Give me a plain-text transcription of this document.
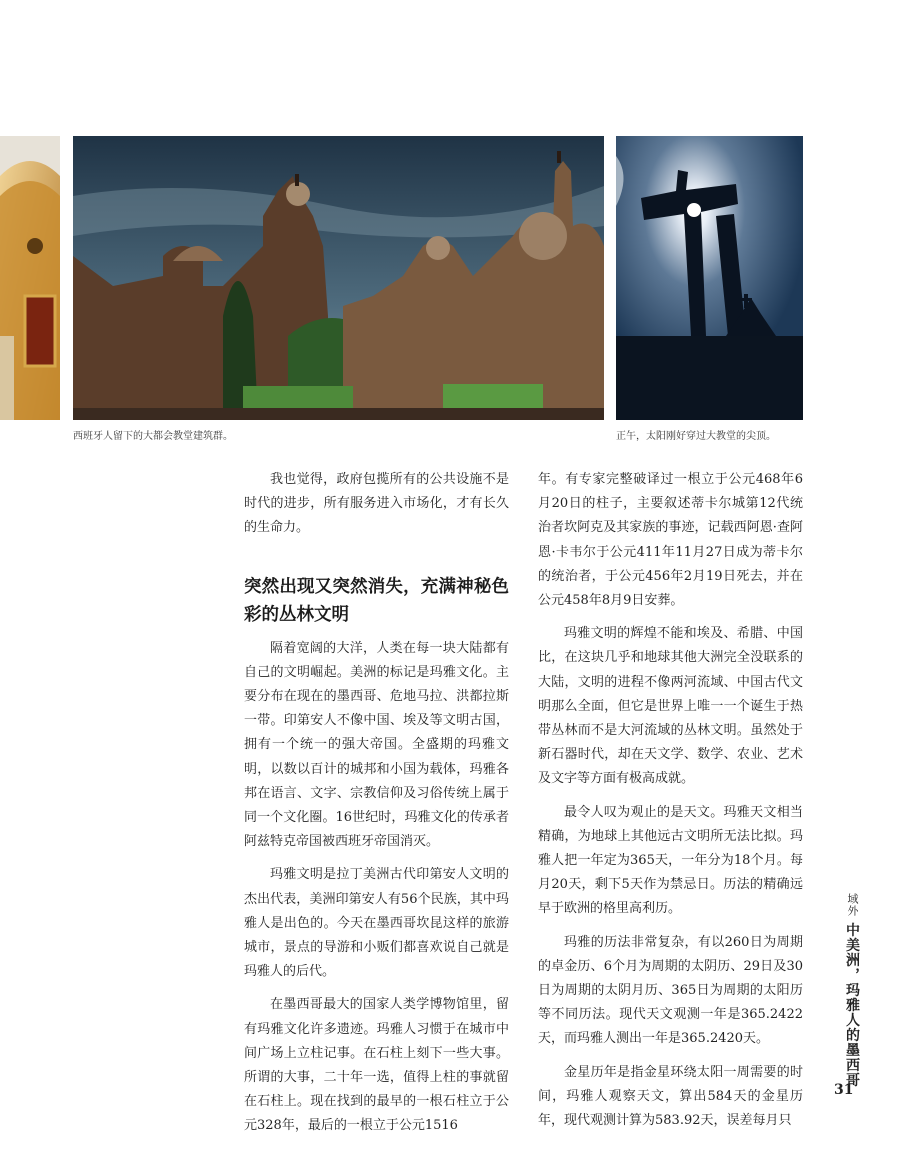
西班牙人留下的大都会教堂建筑群。	正午，太阳刚好穿过大教堂的尖顶。

我也觉得，政府包揽所有的公共设施不是时代的进步，所有服务进入市场化，才有长久的生命力。

突然出现又突然消失，充满神秘色彩的丛林文明

隔着宽阔的大洋，人类在每一块大陆都有自己的文明崛起。美洲的标记是玛雅文化。主要分布在现在的墨西哥、危地马拉、洪都拉斯一带。印第安人不像中国、埃及等文明古国，拥有一个统一的强大帝国。全盛期的玛雅文明，以数以百计的城邦和小国为载体，玛雅各邦在语言、文字、宗教信仰及习俗传统上属于同一个文化圈。16世纪时，玛雅文化的传承者阿兹特克帝国被西班牙帝国消灭。

玛雅文明是拉丁美洲古代印第安人文明的杰出代表，美洲印第安人有56个民族，其中玛雅人是出色的。今天在墨西哥坎昆这样的旅游城市，景点的导游和小贩们都喜欢说自己就是玛雅人的后代。

在墨西哥最大的国家人类学博物馆里，留有玛雅文化许多遗迹。玛雅人习惯于在城市中间广场上立柱记事。在石柱上刻下一些大事。所谓的大事，二十年一选，值得上柱的事就留在石柱上。现在找到的最早的一根石柱立于公元328年，最后的一根立于公元1516

年。有专家完整破译过一根立于公元468年6月20日的柱子，主要叙述蒂卡尔城第12代统治者坎阿克及其家族的事迹，记载西阿恩·查阿恩·卡韦尔于公元411年11月27日成为蒂卡尔的统治者，于公元456年2月19日死去，并在公元458年8月9日安葬。

玛雅文明的辉煌不能和埃及、希腊、中国比，在这块几乎和地球其他大洲完全没联系的大陆，文明的进程不像两河流域、中国古代文明那么全面，但它是世界上唯一一个诞生于热带丛林而不是大河流域的丛林文明。虽然处于新石器时代，却在天文学、数学、农业、艺术及文字等方面有极高成就。

最令人叹为观止的是天文。玛雅天文相当精确，为地球上其他远古文明所无法比拟。玛雅人把一年定为365天，一年分为18个月。每月20天，剩下5天作为禁忌日。历法的精确远早于欧洲的格里高利历。

玛雅的历法非常复杂，有以260日为周期的卓金历、6个月为周期的太阴历、29日及30日为周期的太阴月历、365日为周期的太阳历等不同历法。现代天文观测一年是365.2422天，而玛雅人测出一年是365.2420天。

金星历年是指金星环绕太阳一周需要的时间，玛雅人观察天文，算出584天的金星历年，现代观测计算为583.92天，误差每月只

域外 中美洲，玛雅人的墨西哥
31
